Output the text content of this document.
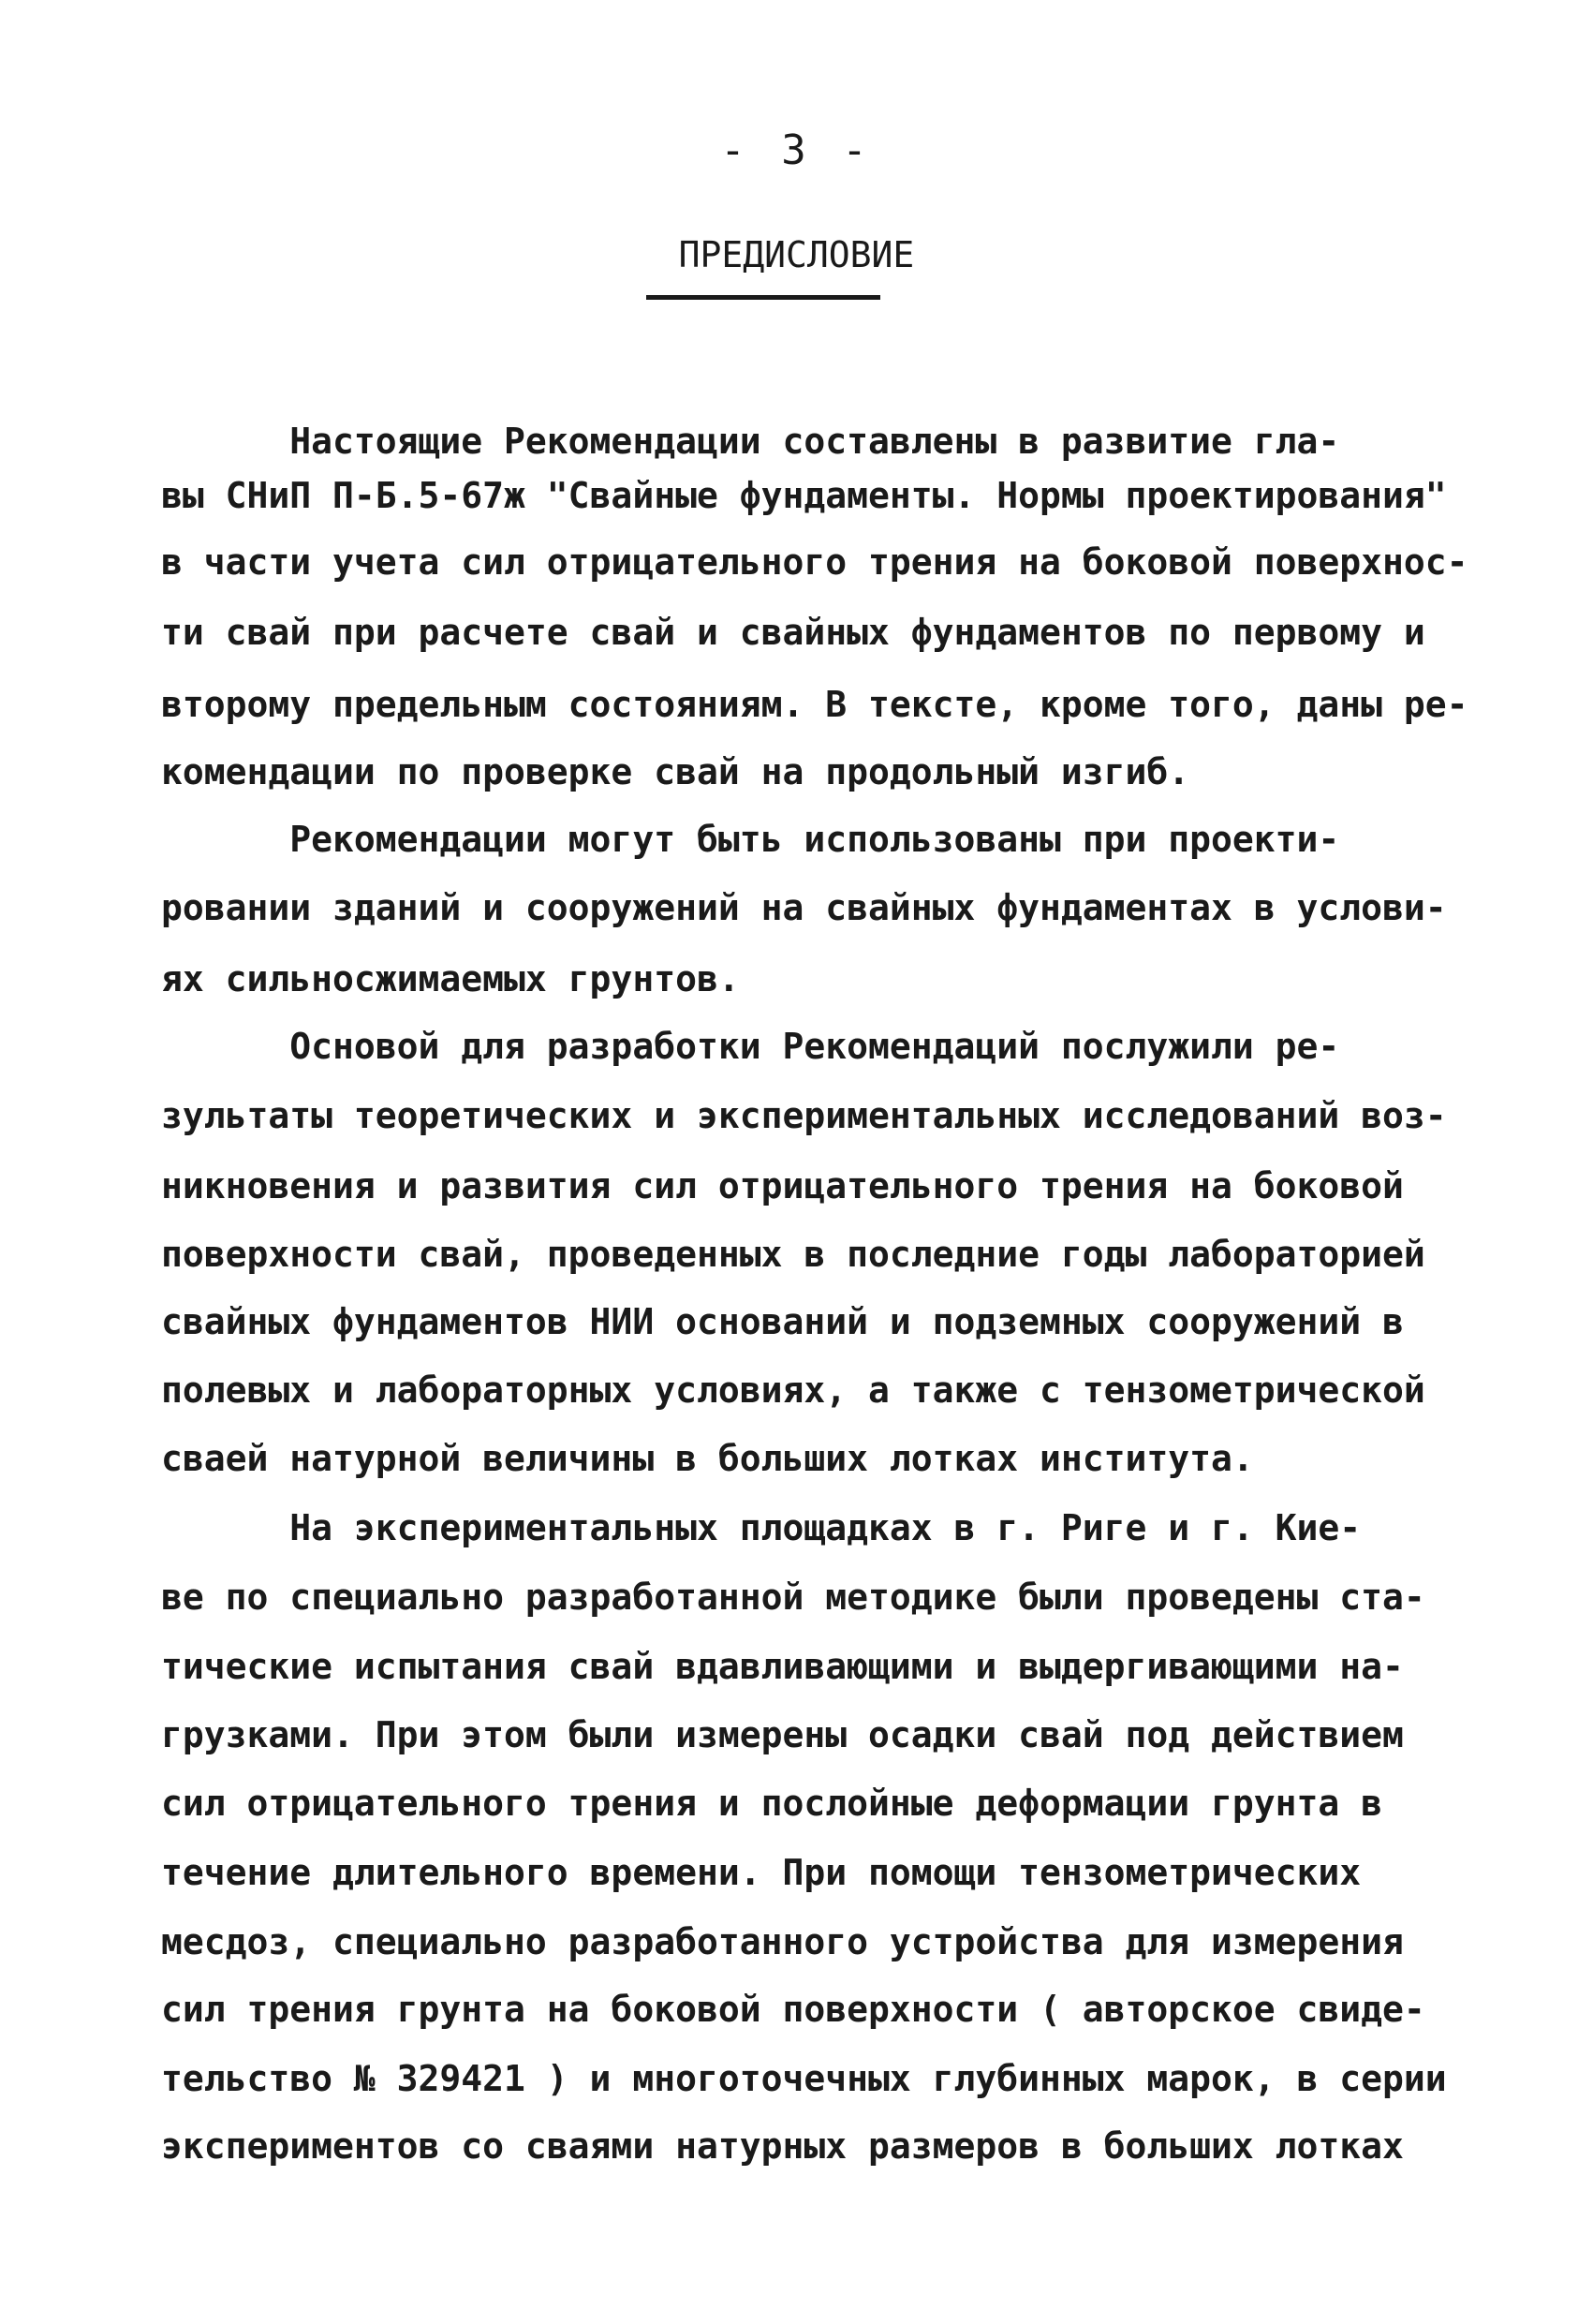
- 3 -
ПРЕДИСЛОВИЕ
Настоящие Рекомендации составлены в развитие гла-
вы СНиП П-Б.5-67ж "Свайные фундаменты. Нормы проектирования"
в части учета сил отрицательного трения на боковой поверхнос-
ти свай при расчете свай и свайных фундаментов по первому и
второму предельным состояниям. В тексте, кроме того, даны ре-
комендации по проверке свай на продольный изгиб.
Рекомендации могут быть использованы при проекти-
ровании зданий и сооружений на свайных фундаментах в услови-
ях сильносжимаемых грунтов.
Основой для разработки Рекомендаций послужили ре-
зультаты теоретических и экспериментальных исследований воз-
никновения и развития сил отрицательного трения на боковой
поверхности свай, проведенных в последние годы лабораторией
свайных фундаментов НИИ оснований и подземных сооружений в
полевых и лабораторных условиях, а также с тензометрической
сваей натурной величины в больших лотках института.
На экспериментальных площадках в г. Риге и г. Кие-
ве по специально разработанной методике были проведены ста-
тические испытания свай вдавливающими и выдергивающими на-
грузками. При этом были измерены осадки свай под действием
сил отрицательного трения и послойные деформации грунта в
течение длительного времени. При помощи тензометрических
месдоз, специально разработанного устройства для измерения
сил трения грунта на боковой поверхности ( авторское свиде-
тельство № 329421 ) и многоточечных глубинных марок, в серии
экспериментов со сваями натурных размеров в больших лотках
